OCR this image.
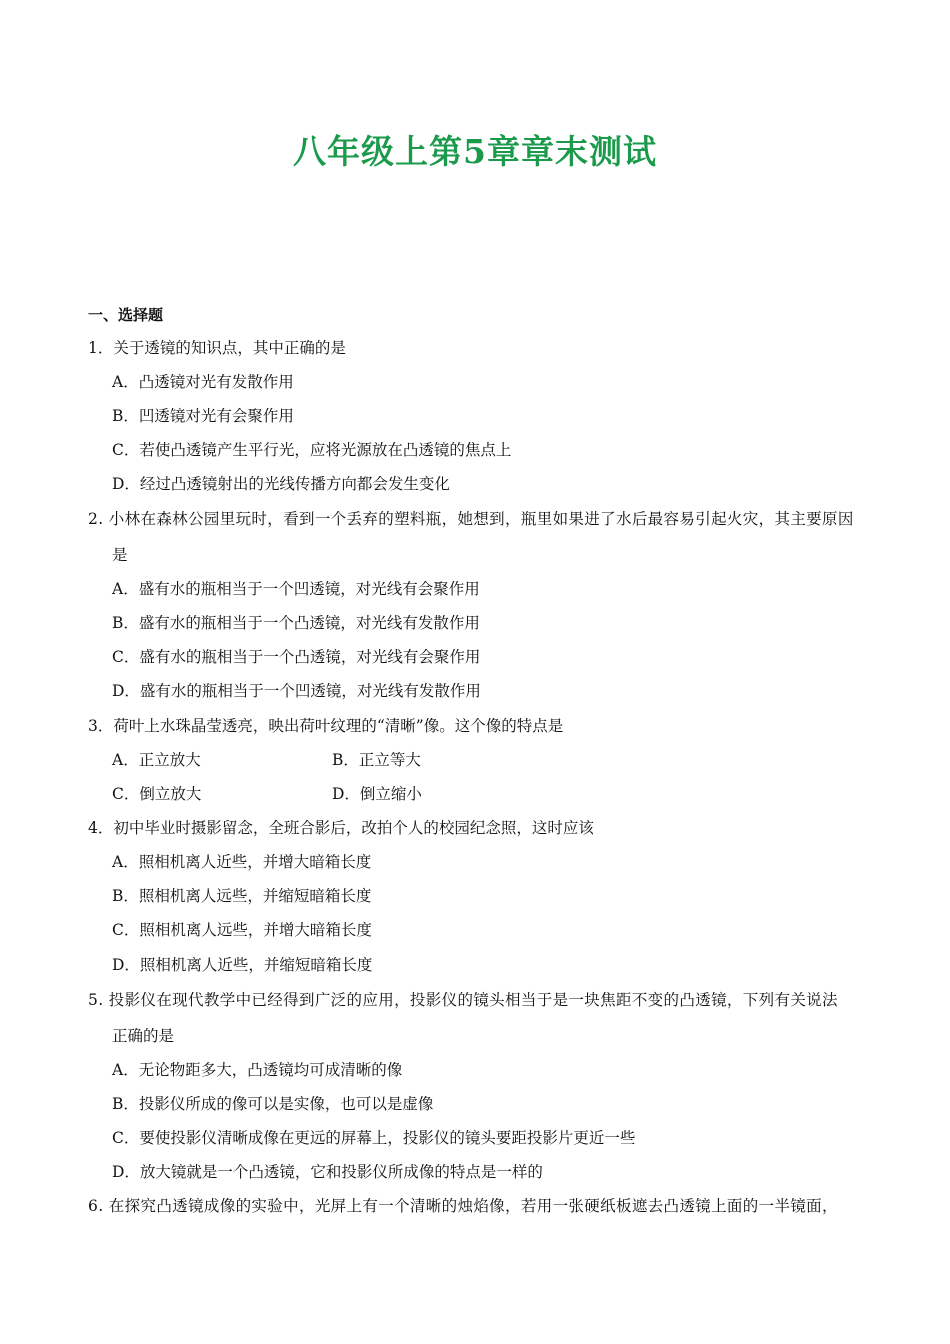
八年级上第5章章末测试
一、选择题
1．关于透镜的知识点，其中正确的是
A．凸透镜对光有发散作用
B．凹透镜对光有会聚作用
C．若使凸透镜产生平行光，应将光源放在凸透镜的焦点上
D．经过凸透镜射出的光线传播方向都会发生变化
2. 小林在森林公园里玩时，看到一个丢弃的塑料瓶，她想到，瓶里如果进了水后最容易引起火灾，其主要原因
是
A．盛有水的瓶相当于一个凹透镜，对光线有会聚作用
B．盛有水的瓶相当于一个凸透镜，对光线有发散作用
C．盛有水的瓶相当于一个凸透镜，对光线有会聚作用
D．盛有水的瓶相当于一个凹透镜，对光线有发散作用
3．荷叶上水珠晶莹透亮，映出荷叶纹理的“清晰”像。这个像的特点是
A．正立放大	B．正立等大
C．倒立放大	D．倒立缩小
4．初中毕业时摄影留念，全班合影后，改拍个人的校园纪念照，这时应该
A．照相机离人近些，并增大暗箱长度
B．照相机离人远些，并缩短暗箱长度
C．照相机离人远些，并增大暗箱长度
D．照相机离人近些，并缩短暗箱长度
5. 投影仪在现代教学中已经得到广泛的应用，投影仪的镜头相当于是一块焦距不变的凸透镜，下列有关说法
正确的是
A．无论物距多大，凸透镜均可成清晰的像
B．投影仪所成的像可以是实像，也可以是虚像
C．要使投影仪清晰成像在更远的屏幕上，投影仪的镜头要距投影片更近一些
D．放大镜就是一个凸透镜，它和投影仪所成像的特点是一样的
6. 在探究凸透镜成像的实验中，光屏上有一个清晰的烛焰像，若用一张硬纸板遮去凸透镜上面的一半镜面，
